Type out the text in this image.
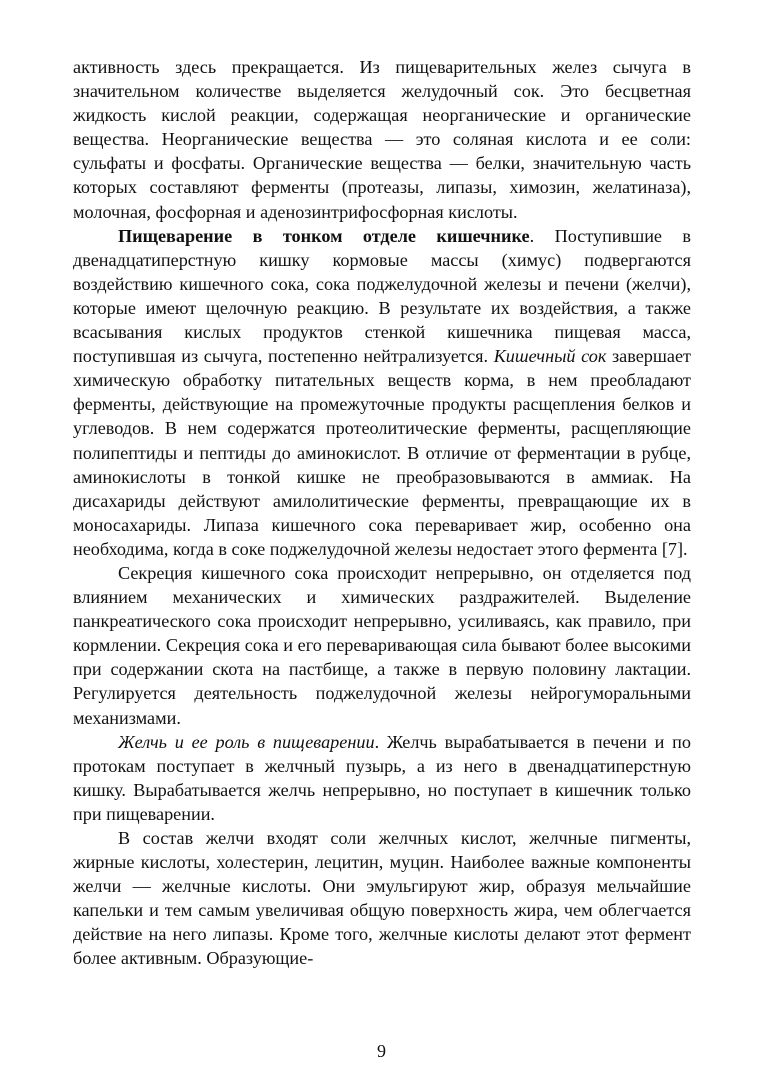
активность здесь прекращается. Из пищеварительных желез сычуга в значительном количестве выделяется желудочный сок. Это бесцветная жидкость кислой реакции, содержащая неорганические и органические вещества. Неорганические вещества — это соляная кислота и ее соли: сульфаты и фосфаты. Органические вещества — белки, значительную часть которых составляют ферменты (протеазы, липазы, химозин, желатиназа), молочная, фосфорная и аденозинтрифосфорная кислоты.

Пищеварение в тонком отделе кишечнике. Поступившие в двенадцатиперстную кишку кормовые массы (химус) подвергаются воздействию кишечного сока, сока поджелудочной железы и печени (желчи), которые имеют щелочную реакцию. В результате их воздействия, а также всасывания кислых продуктов стенкой кишечника пищевая масса, поступившая из сычуга, постепенно нейтрализуется. Кишечный сок завершает химическую обработку питательных веществ корма, в нем преобладают ферменты, действующие на промежуточные продукты расщепления белков и углеводов. В нем содержатся протеолитические ферменты, расщепляющие полипептиды и пептиды до аминокислот. В отличие от ферментации в рубце, аминокислоты в тонкой кишке не преобразовываются в аммиак. На дисахариды действуют амилолитические ферменты, превращающие их в моносахариды. Липаза кишечного сока переваривает жир, особенно она необходима, когда в соке поджелудочной железы недостает этого фермента [7].

Секреция кишечного сока происходит непрерывно, он отделяется под влиянием механических и химических раздражителей. Выделение панкреатического сока происходит непрерывно, усиливаясь, как правило, при кормлении. Секреция сока и его переваривающая сила бывают более высокими при содержании скота на пастбище, а также в первую половину лактации. Регулируется деятельность поджелудочной железы нейрогуморальными механизмами.

Желчь и ее роль в пищеварении. Желчь вырабатывается в печени и по протокам поступает в желчный пузырь, а из него в двенадцатиперстную кишку. Вырабатывается желчь непрерывно, но поступает в кишечник только при пищеварении.

В состав желчи входят соли желчных кислот, желчные пигменты, жирные кислоты, холестерин, лецитин, муцин. Наиболее важные компоненты желчи — желчные кислоты. Они эмульгируют жир, образуя мельчайшие капельки и тем самым увеличивая общую поверхность жира, чем облегчается действие на него липазы. Кроме того, желчные кислоты делают этот фермент более активным. Образующие-

9
